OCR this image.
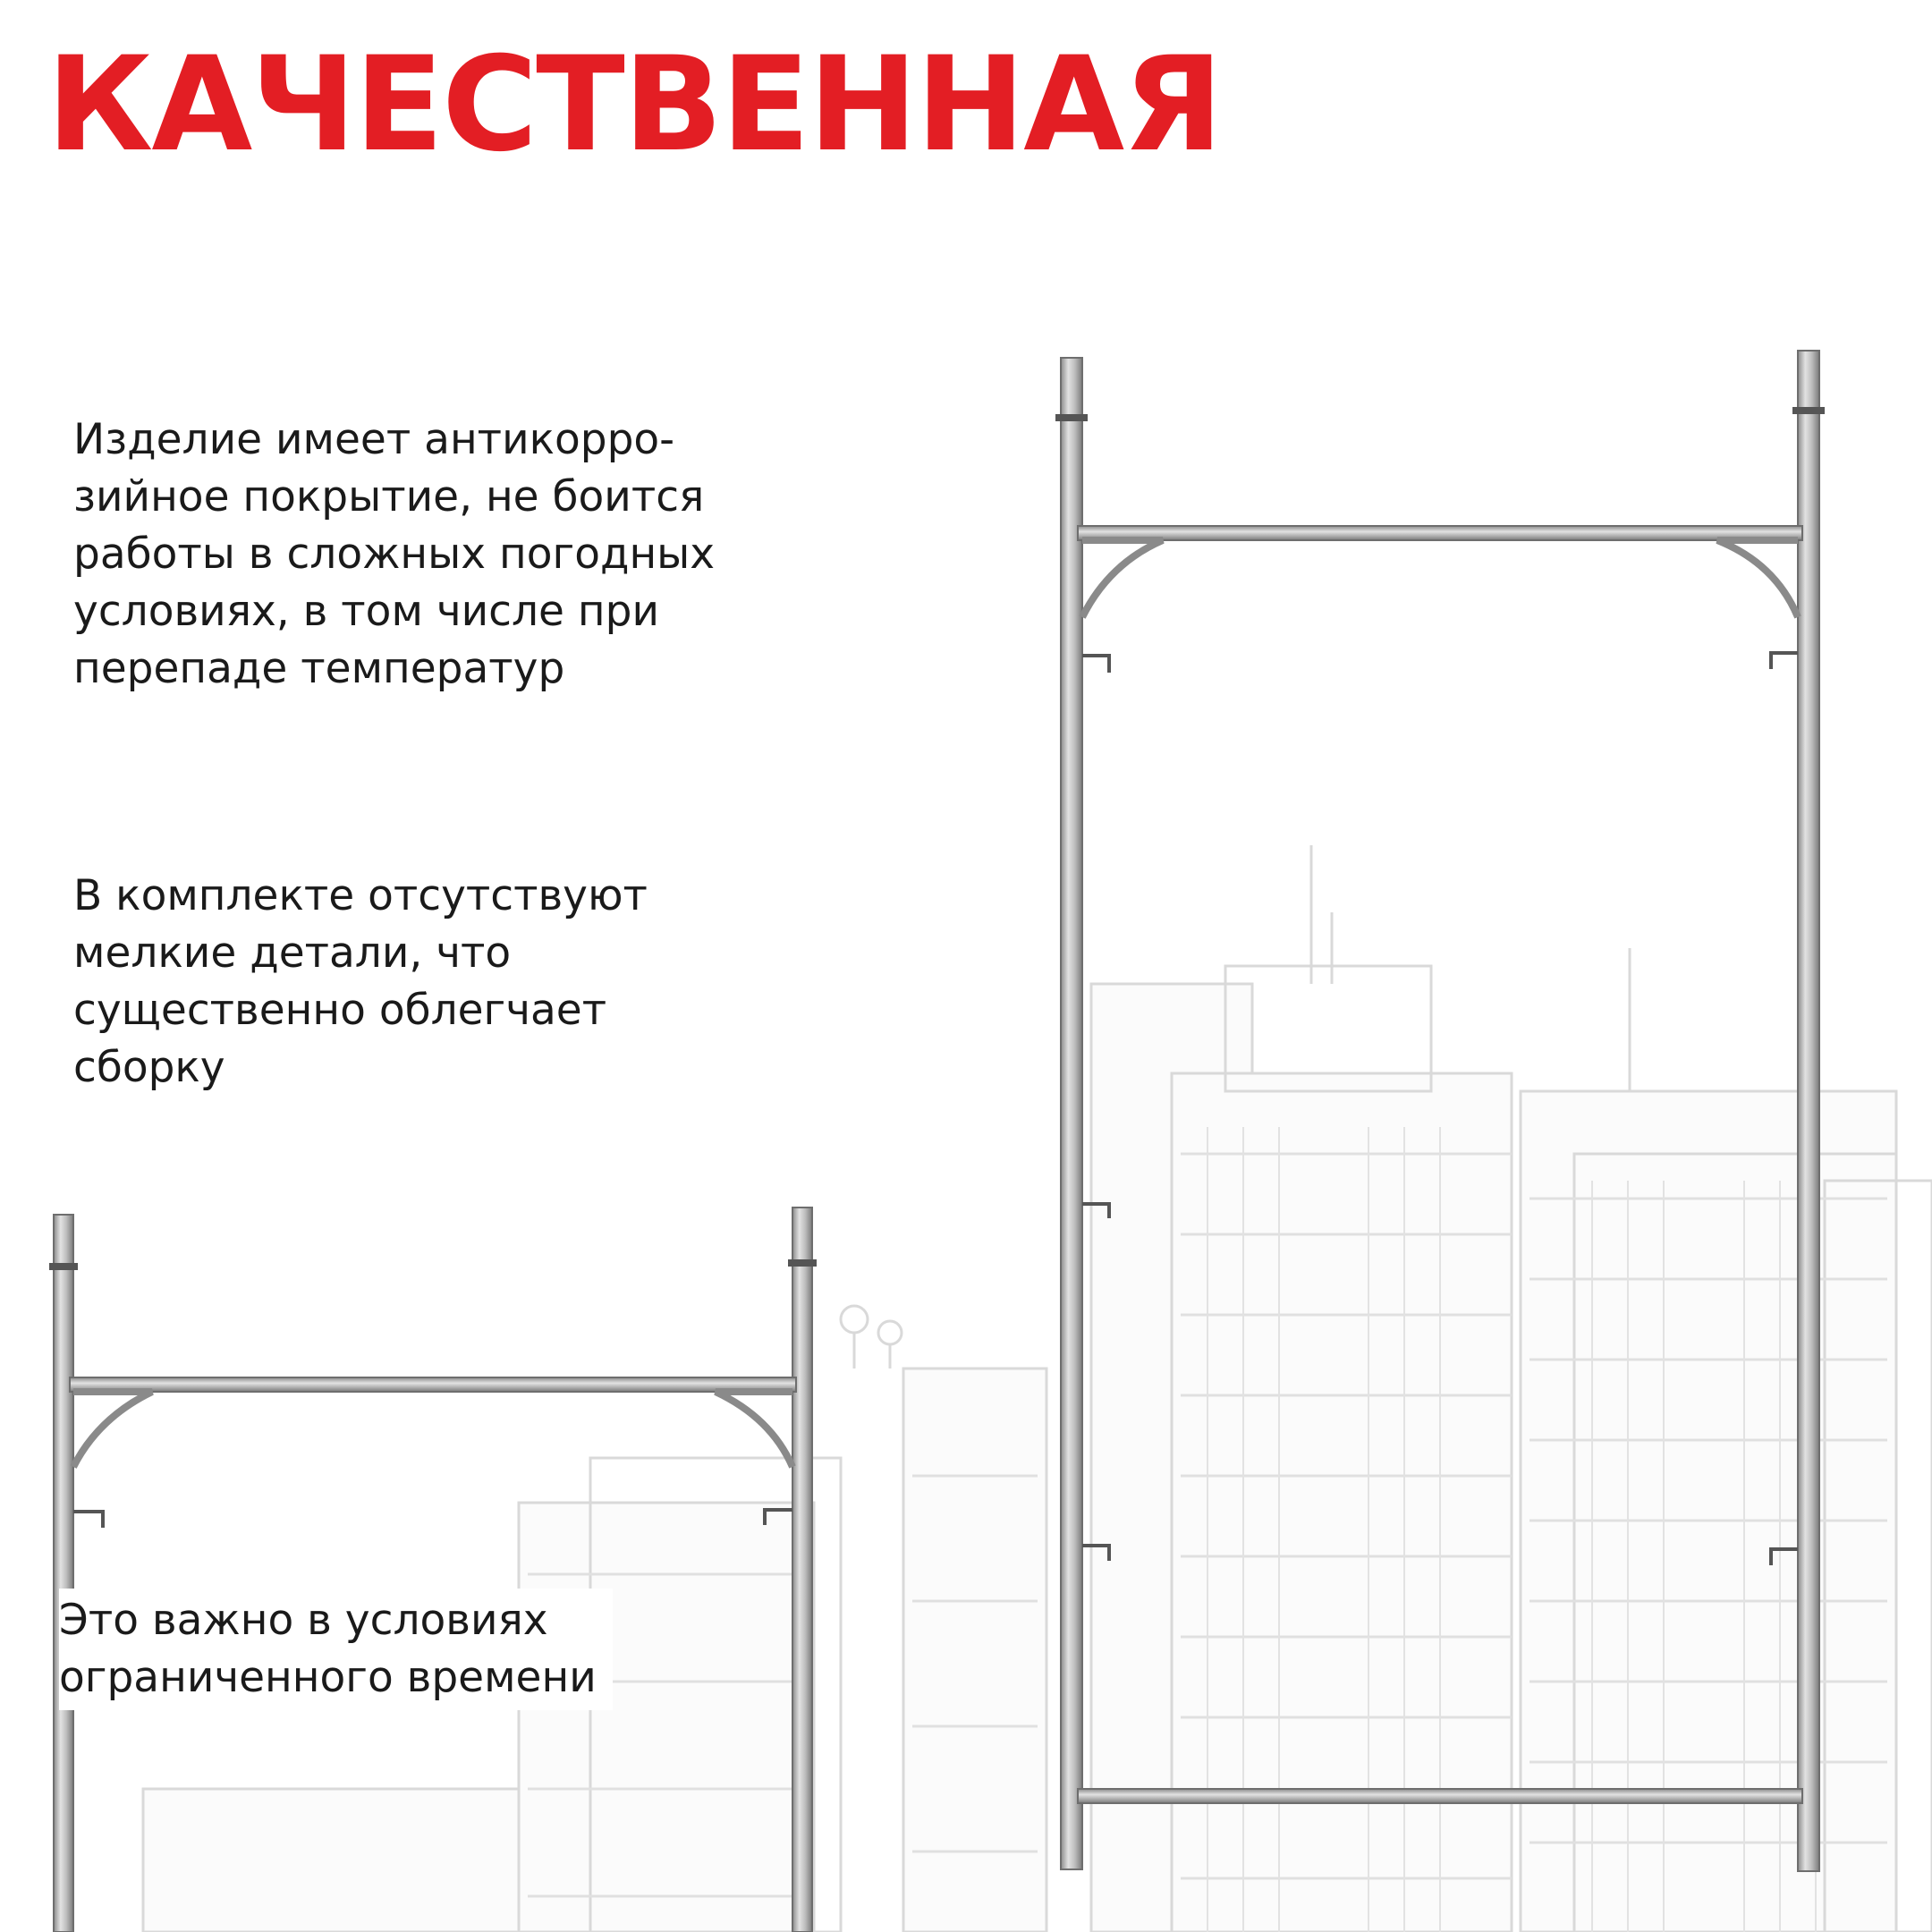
КАЧЕСТВЕННАЯ
Изделие имеет антикорро-
зийное покрытие, не боится
работы в сложных погодных
условиях, в том числе при
перепаде температур
В комплекте отсутствуют
мелкие детали, что
существенно облегчает
сборку
Это важно в условиях
ограниченного времени
